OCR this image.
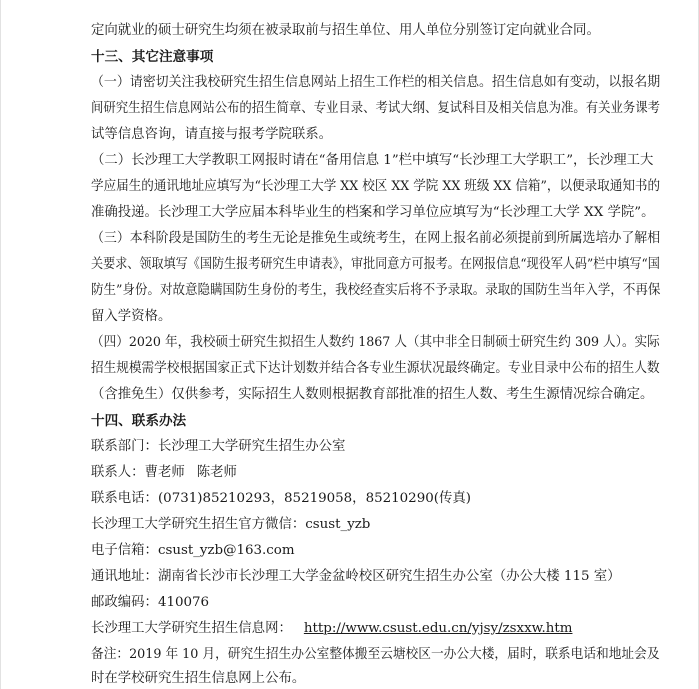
定向就业的硕士研究生均须在被录取前与招生单位、用人单位分别签订定向就业合同。
十三、其它注意事项
（一）请密切关注我校研究生招生信息网站上招生工作栏的相关信息。招生信息如有变动，以报名期
间研究生招生信息网站公布的招生简章、专业目录、考试大纲、复试科目及相关信息为准。有关业务课考
试等信息咨询，请直接与报考学院联系。
（二）长沙理工大学教职工网报时请在“备用信息 1”栏中填写“长沙理工大学职工”，长沙理工大
学应届生的通讯地址应填写为“长沙理工大学 XX 校区 XX 学院 XX 班级 XX 信箱”，以便录取通知书的
准确投递。长沙理工大学应届本科毕业生的档案和学习单位应填写为“长沙理工大学 XX 学院”。
（三）本科阶段是国防生的考生无论是推免生或统考生，在网上报名前必须提前到所属选培办了解相
关要求、领取填写《国防生报考研究生申请表》，审批同意方可报考。在网报信息“现役军人码”栏中填写“国
防生”身份。对故意隐瞒国防生身份的考生，我校经查实后将不予录取。录取的国防生当年入学，不再保
留入学资格。
（四）2020 年，我校硕士研究生拟招生人数约 1867 人（其中非全日制硕士研究生约 309 人）。实际
招生规模需学校根据国家正式下达计划数并结合各专业生源状况最终确定。专业目录中公布的招生人数
（含推免生）仅供参考，实际招生人数则根据教育部批准的招生人数、考生生源情况综合确定。
十四、联系办法
联系部门：长沙理工大学研究生招生办公室
联系人：曹老师 陈老师
联系电话：(0731)85210293，85219058，85210290(传真)
长沙理工大学研究生招生官方微信：csust_yzb
电子信箱：csust_yzb@163.com
通讯地址：湖南省长沙市长沙理工大学金盆岭校区研究生招生办公室（办公大楼 115 室）
邮政编码：410076
长沙理工大学研究生招生信息网： http://www.csust.edu.cn/yjsy/zsxxw.htm
备注：2019 年 10 月，研究生招生办公室整体搬至云塘校区一办公大楼，届时，联系电话和地址会及
时在学校研究生招生信息网上公布。
